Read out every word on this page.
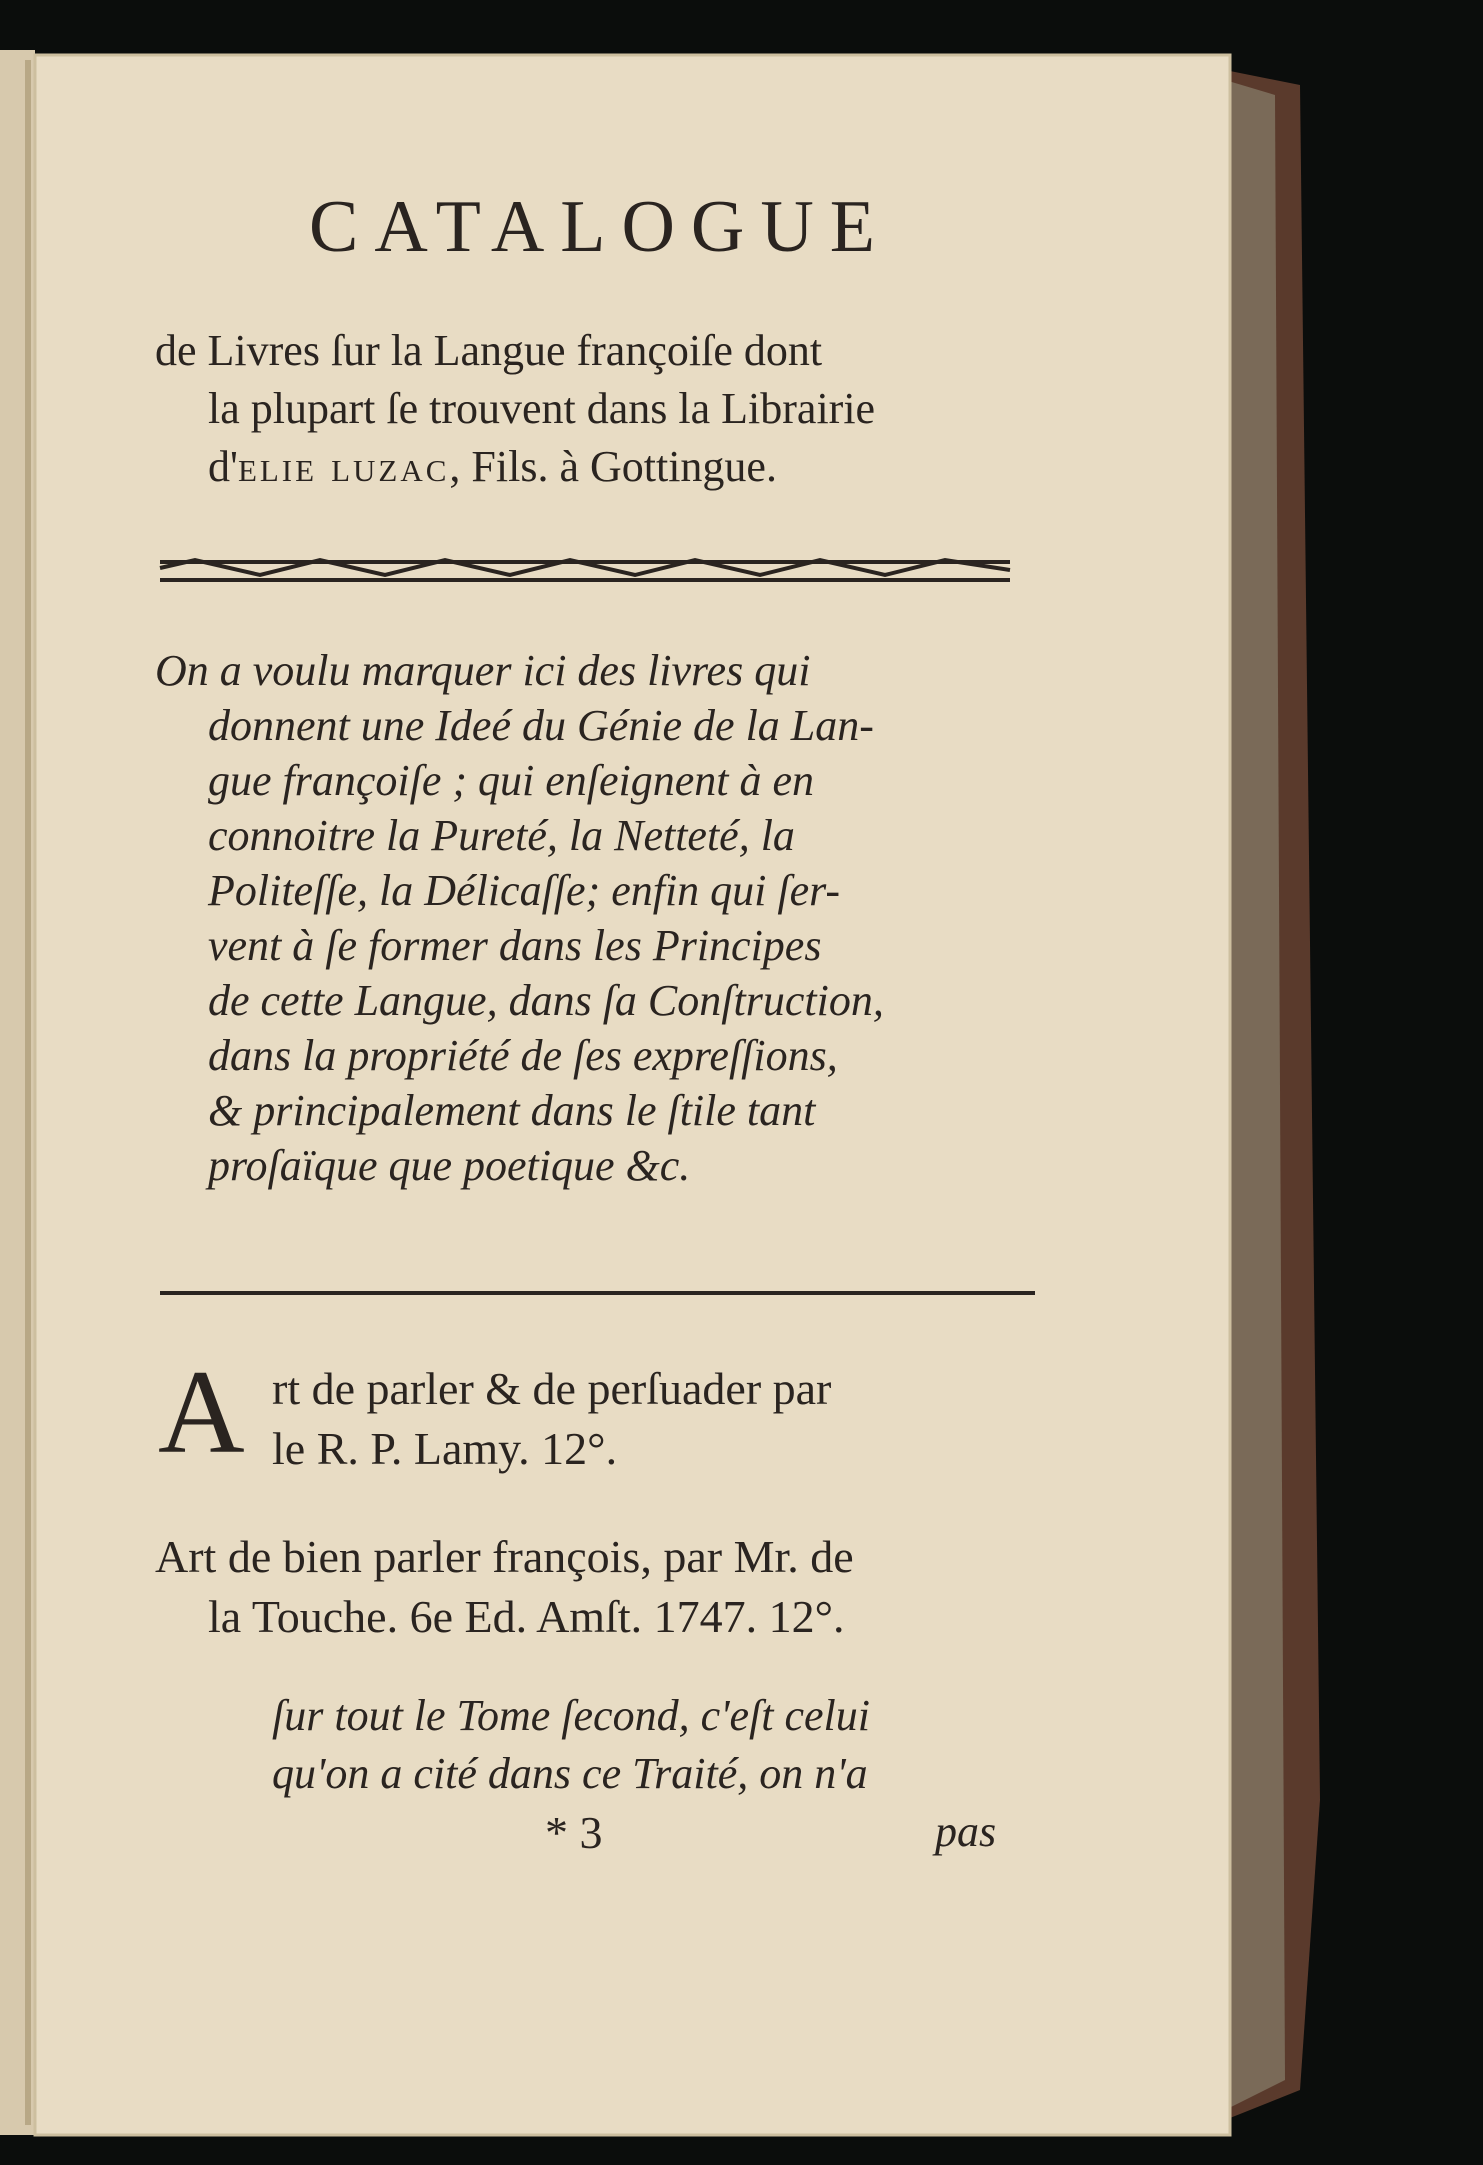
CATALOGUE
de Livres ſur la Langue françoiſe dont
la plupart ſe trouvent dans la Librairie
d'elie luzac, Fils. à Gottingue.
On a voulu marquer ici des livres qui
donnent une Ideé du Génie de la Lan-
gue françoiſe ; qui enſeignent à en
connoitre la Pureté, la Netteté, la
Politeſſe, la Délicaſſe; enfin qui ſer-
vent à ſe former dans les Principes
de cette Langue, dans ſa Conſtruction,
dans la propriété de ſes expreſſions,
& principalement dans le ſtile tant
proſaïque que poetique &c.
A rt de parler & de perſuader par
le R. P. Lamy. 12°.
Art de bien parler françois, par Mr. de
la Touche. 6e Ed. Amſt. 1747. 12°.
ſur tout le Tome ſecond, c'eſt celui
qu'on a cité dans ce Traité, on n'a
* 3	pas
